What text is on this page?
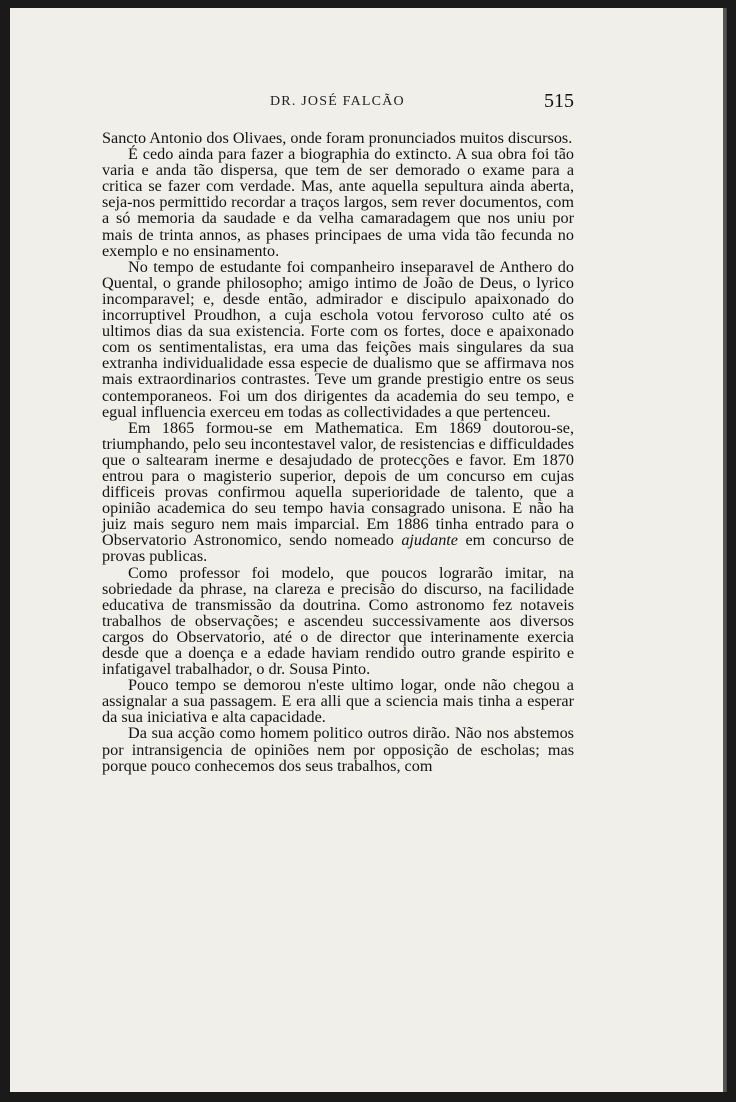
DR. JOSÉ FALCÃO	515

Sancto Antonio dos Olivaes, onde foram pronunciados muitos discursos.

É cedo ainda para fazer a biographia do extincto. A sua obra foi tão varia e anda tão dispersa, que tem de ser demorado o exame para a critica se fazer com verdade. Mas, ante aquella sepultura ainda aberta, seja-nos permittido recordar a traços largos, sem rever documentos, com a só memoria da saudade e da velha camaradagem que nos uniu por mais de trinta annos, as phases principaes de uma vida tão fecunda no exemplo e no ensinamento.

No tempo de estudante foi companheiro inseparavel de Anthero do Quental, o grande philosopho; amigo intimo de João de Deus, o lyrico incomparavel; e, desde então, admirador e discipulo apaixonado do incorruptivel Proudhon, a cuja eschola votou fervoroso culto até os ultimos dias da sua existencia. Forte com os fortes, doce e apaixonado com os sentimentalistas, era uma das feições mais singulares da sua extranha individualidade essa especie de dualismo que se affirmava nos mais extraordinarios contrastes. Teve um grande prestigio entre os seus contemporaneos. Foi um dos dirigentes da academia do seu tempo, e egual influencia exerceu em todas as collectividades a que pertenceu.

Em 1865 formou-se em Mathematica. Em 1869 doutorou-se, triumphando, pelo seu incontestavel valor, de resistencias e difficuldades que o saltearam inerme e desajudado de protecções e favor. Em 1870 entrou para o magisterio superior, depois de um concurso em cujas difficeis provas confirmou aquella superioridade de talento, que a opinião academica do seu tempo havia consagrado unisona. E não ha juiz mais seguro nem mais imparcial. Em 1886 tinha entrado para o Observatorio Astronomico, sendo nomeado ajudante em concurso de provas publicas.

Como professor foi modelo, que poucos lograrão imitar, na sobriedade da phrase, na clareza e precisão do discurso, na facilidade educativa de transmissão da doutrina. Como astronomo fez notaveis trabalhos de observações; e ascendeu successivamente aos diversos cargos do Observatorio, até o de director que interinamente exercia desde que a doença e a edade haviam rendido outro grande espirito e infatigavel trabalhador, o dr. Sousa Pinto.

Pouco tempo se demorou n'este ultimo logar, onde não chegou a assignalar a sua passagem. E era alli que a sciencia mais tinha a esperar da sua iniciativa e alta capacidade.

Da sua acção como homem politico outros dirão. Não nos abstemos por intransigencia de opiniões nem por opposição de escholas; mas porque pouco conhecemos dos seus trabalhos, com
